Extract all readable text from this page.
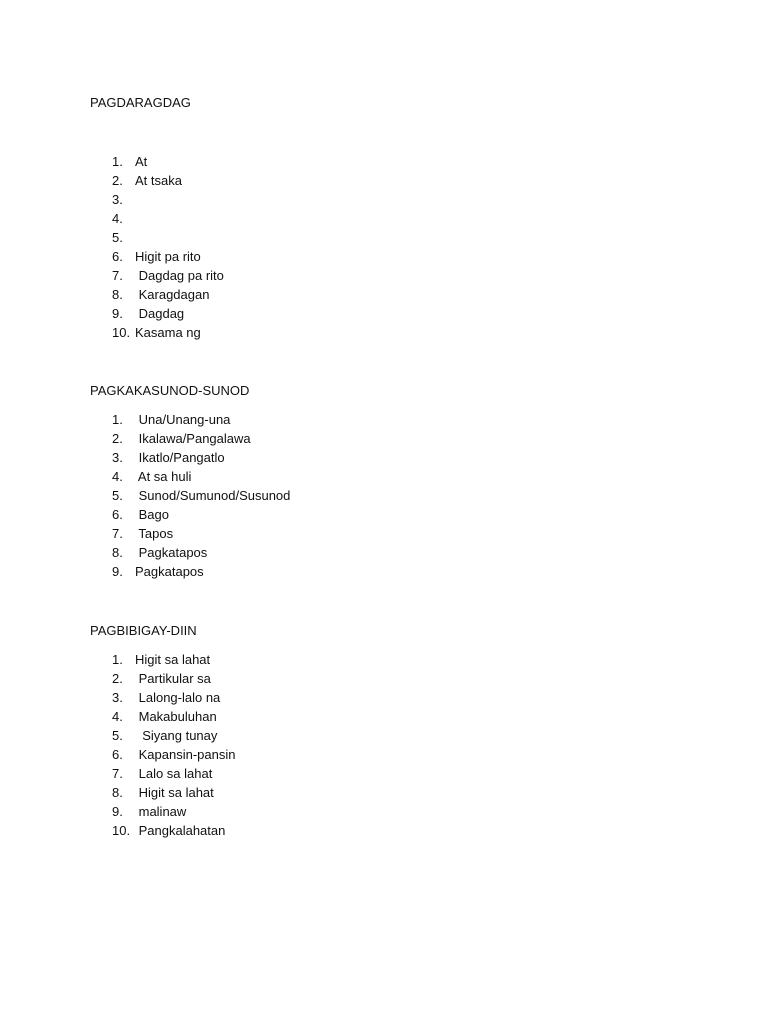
PAGDARAGDAG
1. At
2. At tsaka
3.
4.
5.
6. Higit pa rito
7. Dagdag pa rito
8. Karagdagan
9. Dagdag
10. Kasama ng
PAGKAKASUNOD-SUNOD
1. Una/Unang-una
2. Ikalawa/Pangalawa
3. Ikatlo/Pangatlo
4. At sa huli
5. Sunod/Sumunod/Susunod
6. Bago
7. Tapos
8. Pagkatapos
9. Pagkatapos
PAGBIBIGAY-DIIN
1. Higit sa lahat
2. Partikular sa
3. Lalong-lalo na
4. Makabuluhan
5. Siyang tunay
6. Kapansin-pansin
7. Lalo sa lahat
8. Higit sa lahat
9. malinaw
10. Pangkalahatan
